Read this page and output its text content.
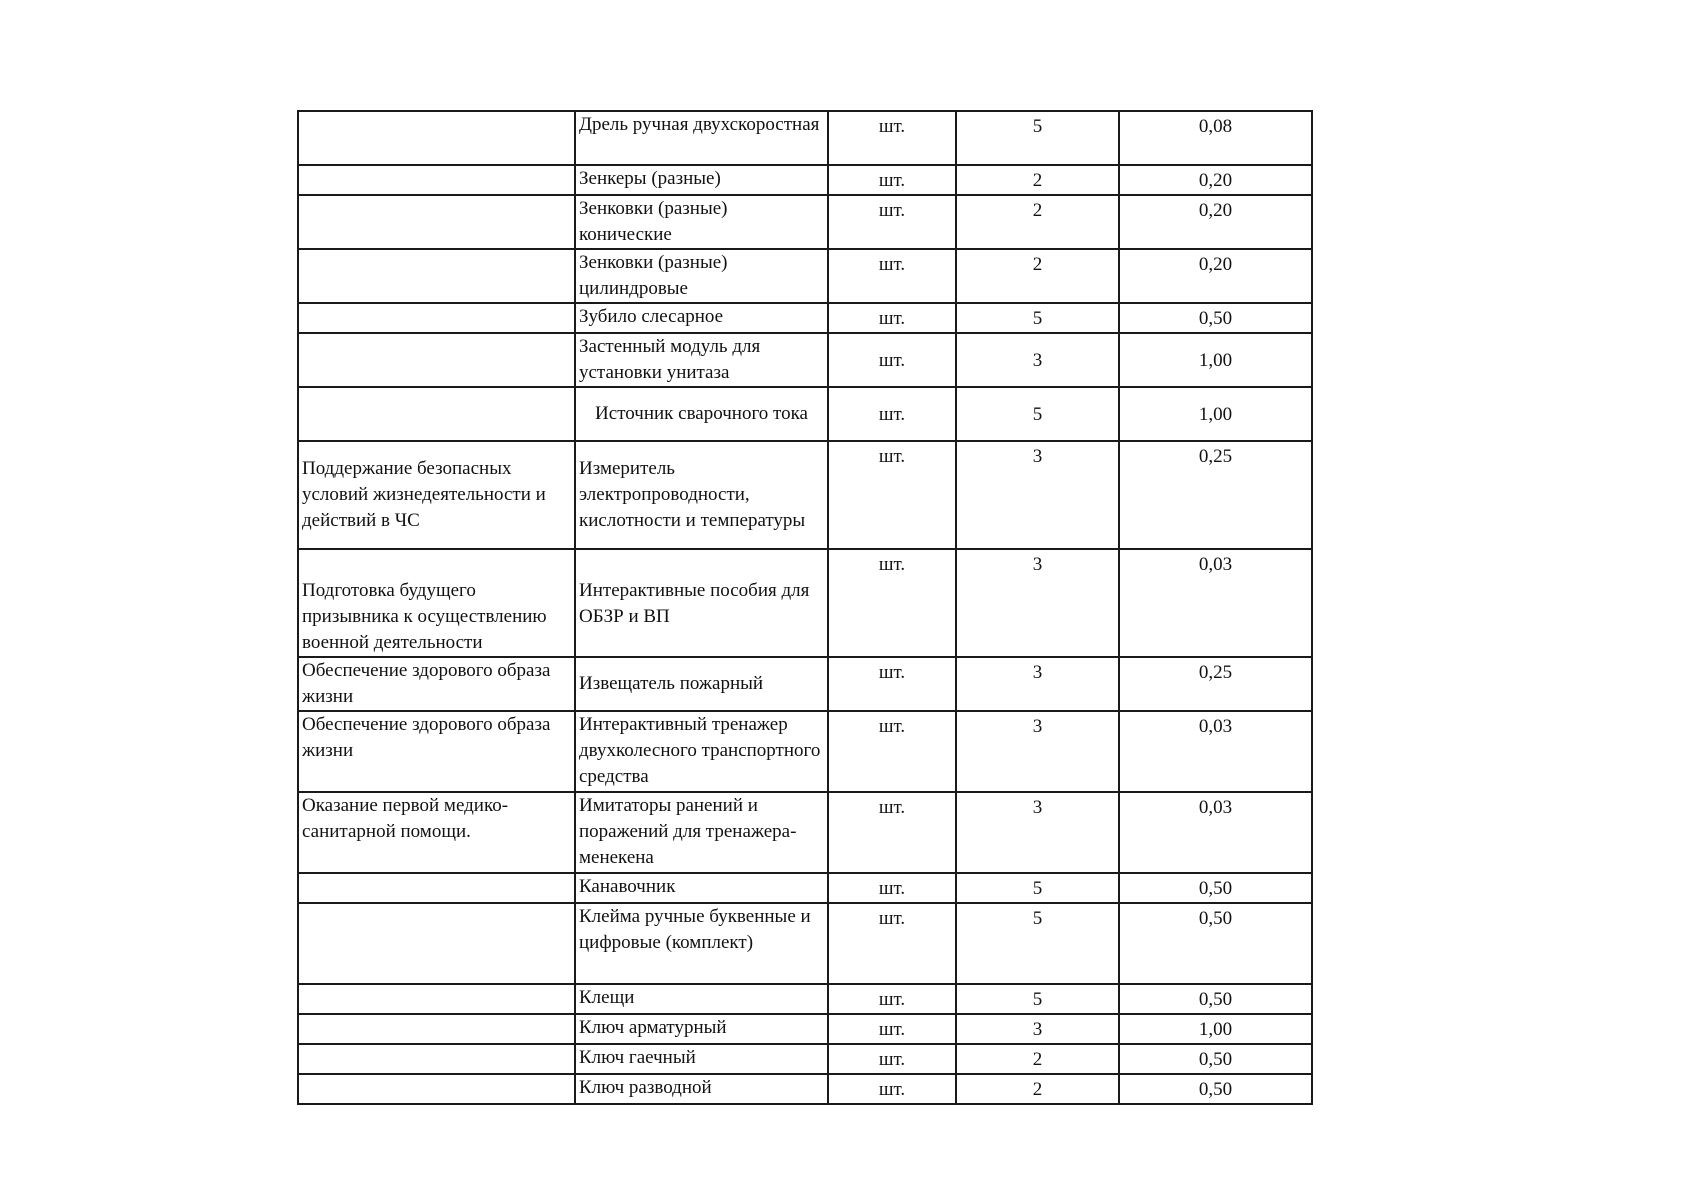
	Дрель ручная двухскоростная	шт.	5	0,08
	Зенкеры (разные)	шт.	2	0,20
	Зенковки (разные) конические	шт.	2	0,20
	Зенковки (разные) цилиндровые	шт.	2	0,20
	Зубило слесарное	шт.	5	0,50
	Застенный модуль для установки унитаза	шт.	3	1,00
	Источник сварочного тока	шт.	5	1,00
Поддержание безопасных условий жизнедеятельности и действий в ЧС	Измеритель электропроводности, кислотности и температуры	шт.	3	0,25
Подготовка будущего призывника к осуществлению военной деятельности	Интерактивные пособия для ОБЗР и ВП	шт.	3	0,03
Обеспечение здорового образа жизни	Извещатель пожарный	шт.	3	0,25
Обеспечение здорового образа жизни	Интерактивный тренажер двухколесного транспортного средства	шт.	3	0,03
Оказание первой медико-санитарной помощи.	Имитаторы ранений и поражений для тренажера-менекена	шт.	3	0,03
	Канавочник	шт.	5	0,50
	Клейма ручные буквенные и цифровые (комплект)	шт.	5	0,50
	Клещи	шт.	5	0,50
	Ключ арматурный	шт.	3	1,00
	Ключ гаечный	шт.	2	0,50
	Ключ разводной	шт.	2	0,50
